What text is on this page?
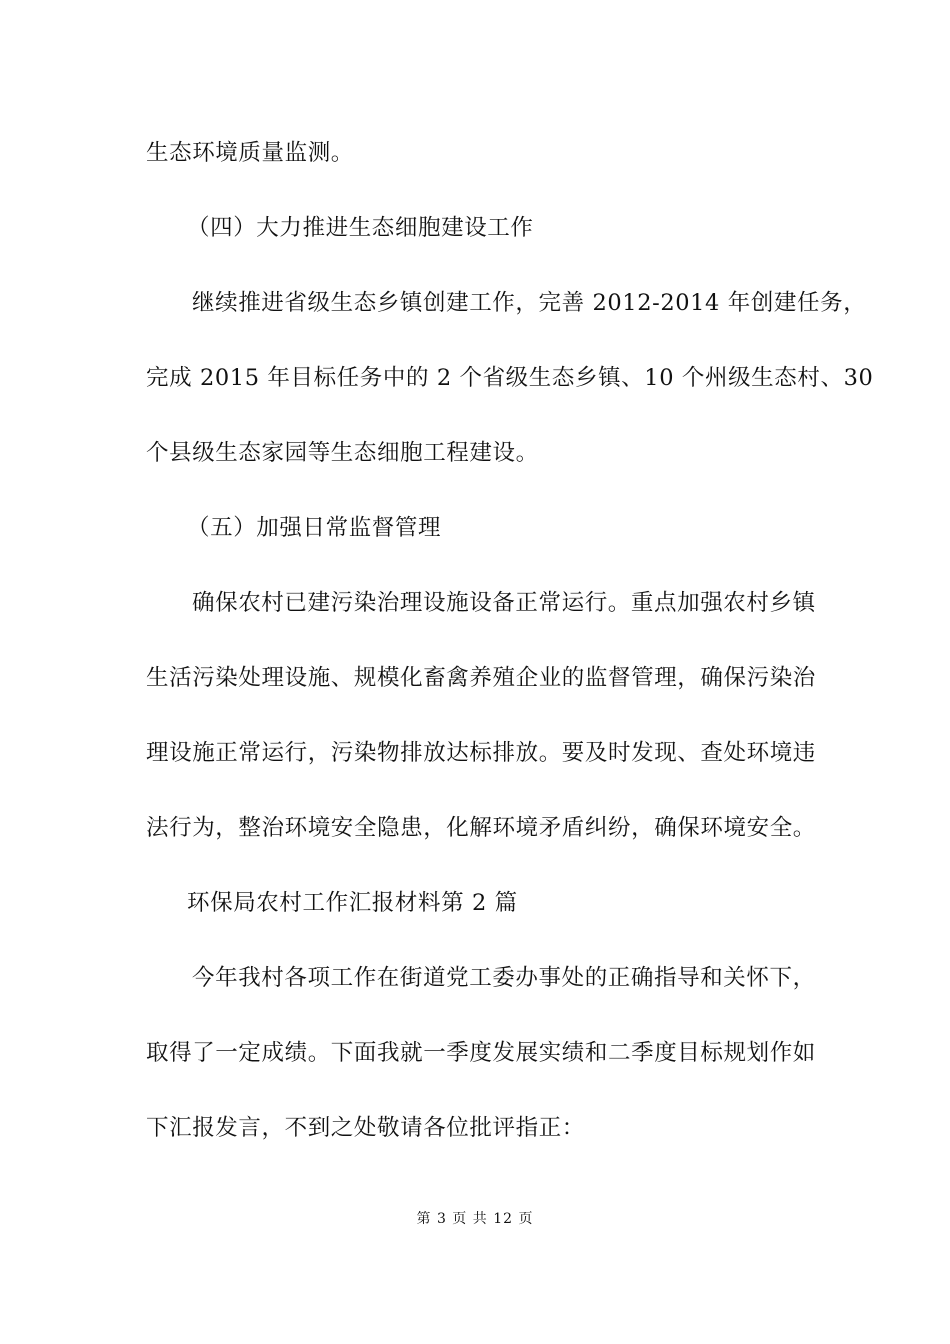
生态环境质量监测。
（四）大力推进生态细胞建设工作
继续推进省级生态乡镇创建工作，完善 2012-2014 年创建任务，
完成 2015 年目标任务中的 2 个省级生态乡镇、10 个州级生态村、30
个县级生态家园等生态细胞工程建设。
（五）加强日常监督管理
确保农村已建污染治理设施设备正常运行。重点加强农村乡镇
生活污染处理设施、规模化畜禽养殖企业的监督管理，确保污染治
理设施正常运行，污染物排放达标排放。要及时发现、查处环境违
法行为，整治环境安全隐患，化解环境矛盾纠纷，确保环境安全。
环保局农村工作汇报材料第 2 篇
今年我村各项工作在街道党工委办事处的正确指导和关怀下，
取得了一定成绩。下面我就一季度发展实绩和二季度目标规划作如
下汇报发言，不到之处敬请各位批评指正：
第 3 页 共 12 页
